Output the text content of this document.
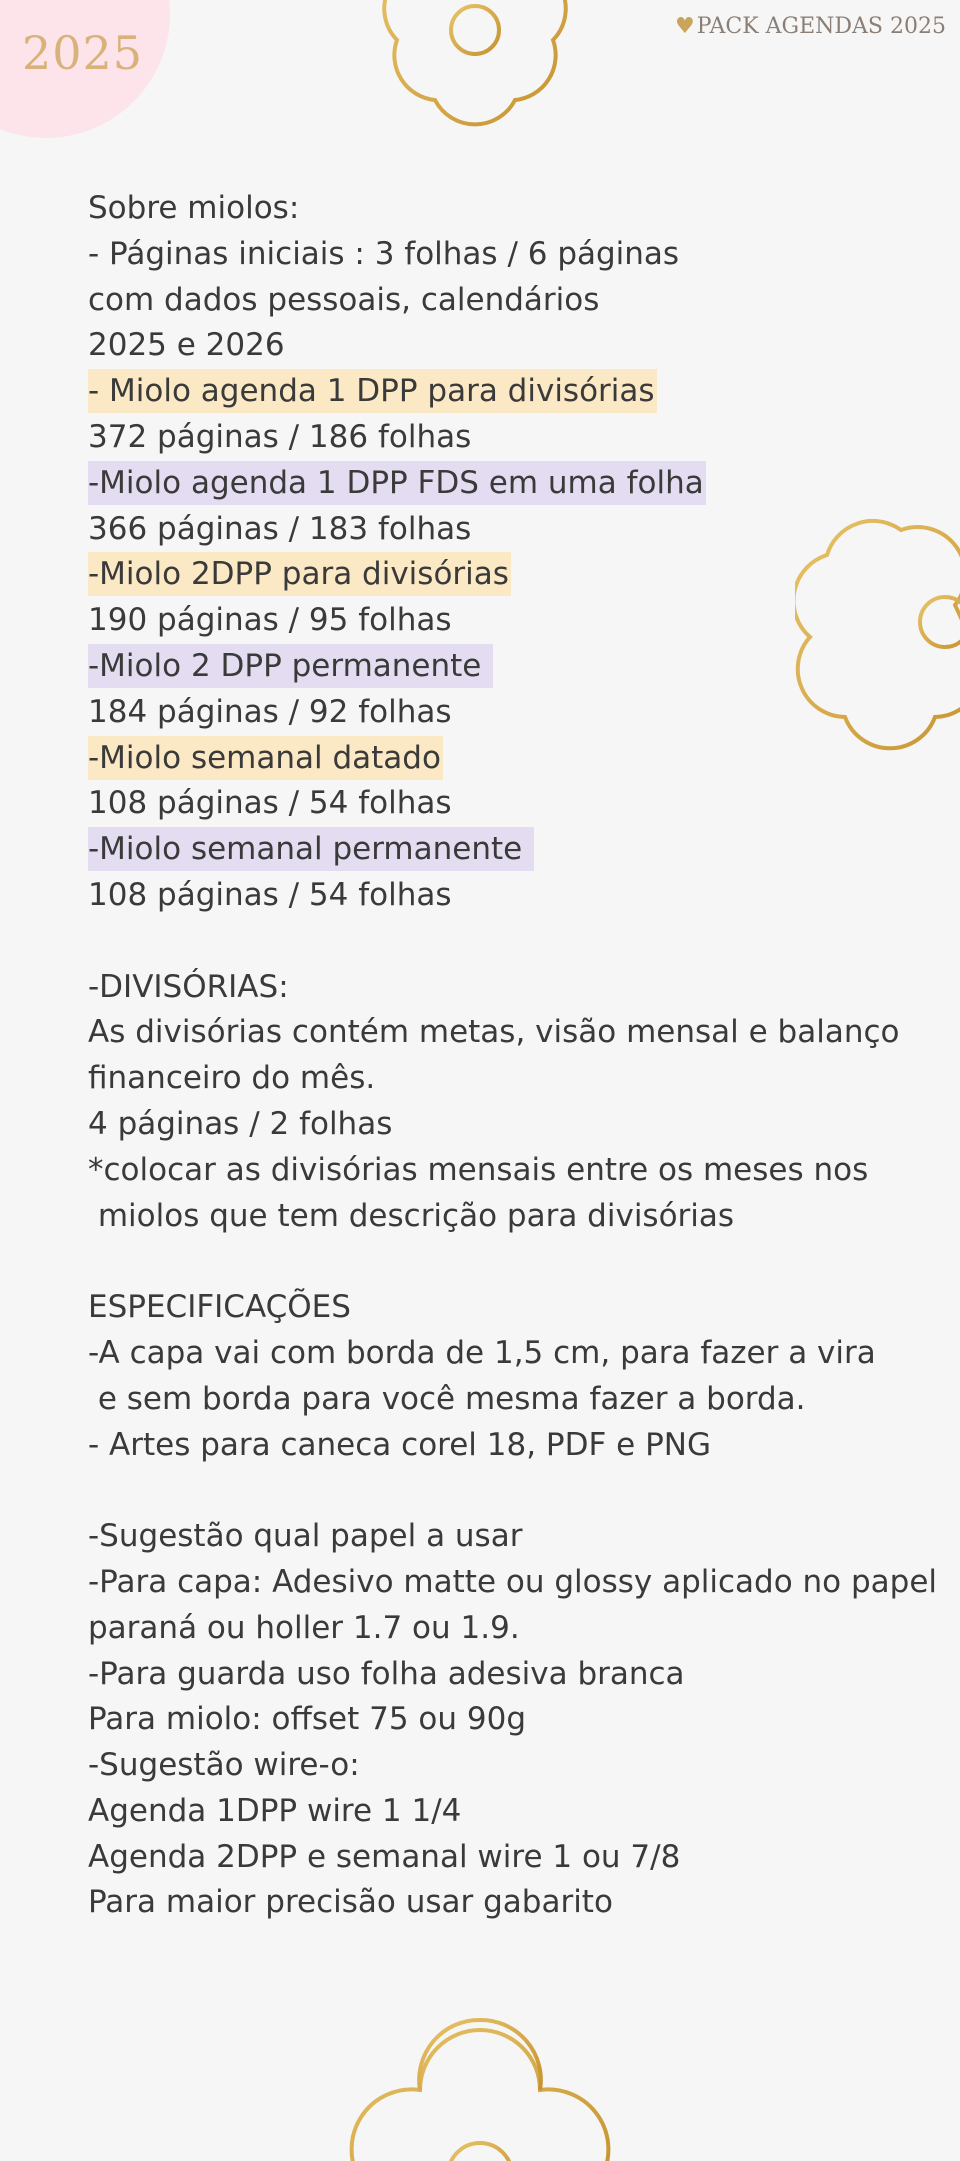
2025	♥ PACK AGENDAS 2025
Sobre miolos:
- Páginas iniciais : 3 folhas / 6 páginas
com dados pessoais, calendários
2025 e 2026
- Miolo agenda 1 DPP para divisórias
372 páginas / 186 folhas
-Miolo agenda 1 DPP FDS em uma folha
366 páginas / 183 folhas
-Miolo 2DPP para divisórias
190 páginas / 95 folhas
-Miolo 2 DPP permanente
184 páginas / 92 folhas
-Miolo semanal datado
108 páginas / 54 folhas
-Miolo semanal permanente
108 páginas / 54 folhas
-DIVISÓRIAS:
As divisórias contém metas, visão mensal e balanço
financeiro do mês.
4 páginas / 2 folhas
*colocar as divisórias mensais entre os meses nos
miolos que tem descrição para divisórias
ESPECIFICAÇÕES
-A capa vai com borda de 1,5 cm, para fazer a vira
e sem borda para você mesma fazer a borda.
- Artes para caneca corel 18, PDF e PNG
-Sugestão qual papel a usar
-Para capa: Adesivo matte ou glossy aplicado no papel
paraná ou holler 1.7 ou 1.9.
-Para guarda uso folha adesiva branca
Para miolo: offset 75 ou 90g
-Sugestão wire-o:
Agenda 1DPP wire 1 1/4
Agenda 2DPP e semanal wire 1 ou 7/8
Para maior precisão usar gabarito
